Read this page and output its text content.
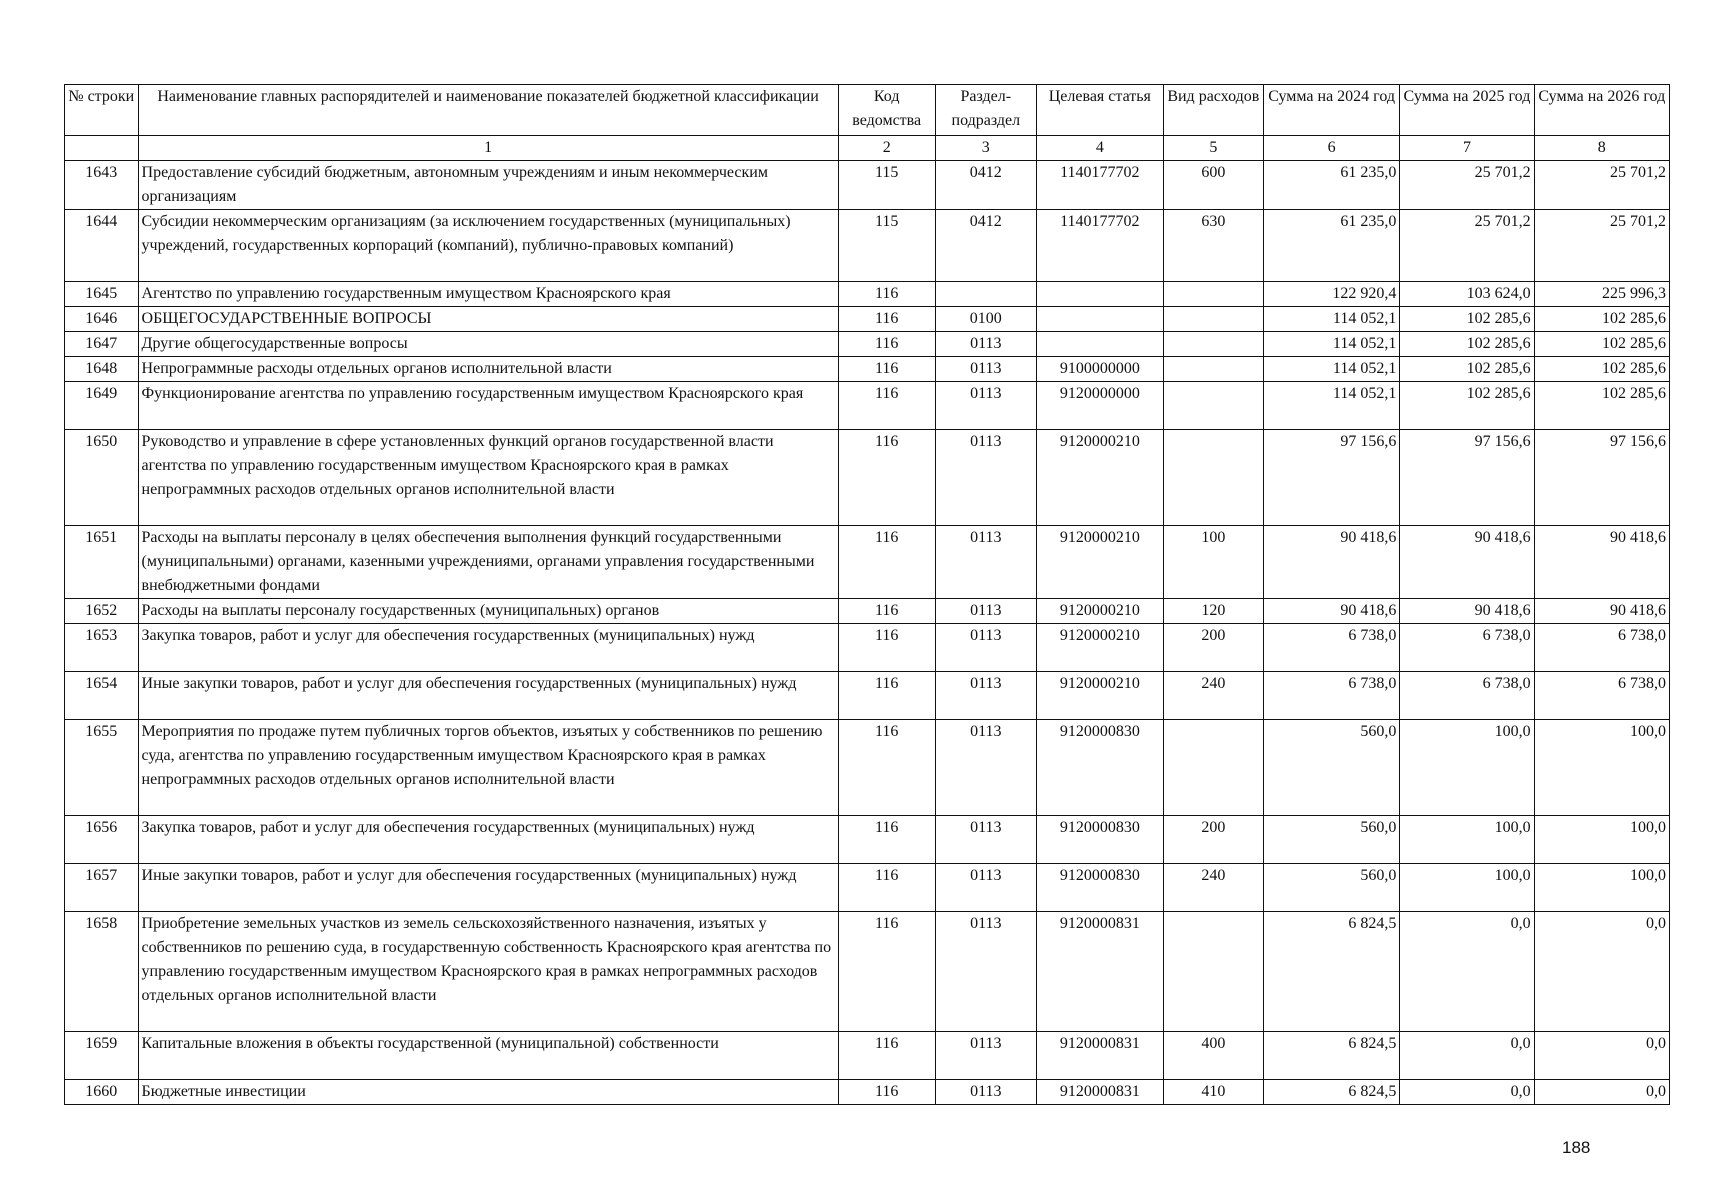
№ строки	Наименование главных распорядителей и наименование показателей бюджетной классификации	Код ведомства	Раздел-подраздел	Целевая статья	Вид расходов	Сумма на 2024 год	Сумма на 2025 год	Сумма на 2026 год
	1	2	3	4	5	6	7	8
1643	Предоставление субсидий бюджетным, автономным учреждениям и иным некоммерческим организациям	115	0412	1140177702	600	61 235,0	25 701,2	25 701,2
1644	Субсидии некоммерческим организациям (за исключением государственных (муниципальных) учреждений, государственных корпораций (компаний), публично-правовых компаний)	115	0412	1140177702	630	61 235,0	25 701,2	25 701,2
1645	Агентство по управлению государственным имуществом Красноярского края	116				122 920,4	103 624,0	225 996,3
1646	ОБЩЕГОСУДАРСТВЕННЫЕ ВОПРОСЫ	116	0100			114 052,1	102 285,6	102 285,6
1647	Другие общегосударственные вопросы	116	0113			114 052,1	102 285,6	102 285,6
1648	Непрограммные расходы отдельных органов исполнительной власти	116	0113	9100000000		114 052,1	102 285,6	102 285,6
1649	Функционирование агентства по управлению государственным имуществом Красноярского края	116	0113	9120000000		114 052,1	102 285,6	102 285,6
1650	Руководство и управление в сфере установленных функций органов государственной власти агентства по управлению государственным имуществом Красноярского края в рамках непрограммных расходов отдельных органов исполнительной власти	116	0113	9120000210		97 156,6	97 156,6	97 156,6
1651	Расходы на выплаты персоналу в целях обеспечения выполнения функций государственными (муниципальными) органами, казенными учреждениями, органами управления государственными внебюджетными фондами	116	0113	9120000210	100	90 418,6	90 418,6	90 418,6
1652	Расходы на выплаты персоналу государственных (муниципальных) органов	116	0113	9120000210	120	90 418,6	90 418,6	90 418,6
1653	Закупка товаров, работ и услуг для обеспечения государственных (муниципальных) нужд	116	0113	9120000210	200	6 738,0	6 738,0	6 738,0
1654	Иные закупки товаров, работ и услуг для обеспечения государственных (муниципальных) нужд	116	0113	9120000210	240	6 738,0	6 738,0	6 738,0
1655	Мероприятия по продаже путем публичных торгов объектов, изъятых у собственников по решению суда, агентства по управлению государственным имуществом Красноярского края в рамках непрограммных расходов отдельных органов исполнительной власти	116	0113	9120000830		560,0	100,0	100,0
1656	Закупка товаров, работ и услуг для обеспечения государственных (муниципальных) нужд	116	0113	9120000830	200	560,0	100,0	100,0
1657	Иные закупки товаров, работ и услуг для обеспечения государственных (муниципальных) нужд	116	0113	9120000830	240	560,0	100,0	100,0
1658	Приобретение земельных участков из земель сельскохозяйственного назначения, изъятых у собственников по решению суда, в государственную собственность Красноярского края агентства по управлению государственным имуществом Красноярского края в рамках непрограммных расходов отдельных органов исполнительной власти	116	0113	9120000831		6 824,5	0,0	0,0
1659	Капитальные вложения в объекты государственной (муниципальной) собственности	116	0113	9120000831	400	6 824,5	0,0	0,0
1660	Бюджетные инвестиции	116	0113	9120000831	410	6 824,5	0,0	0,0
188
